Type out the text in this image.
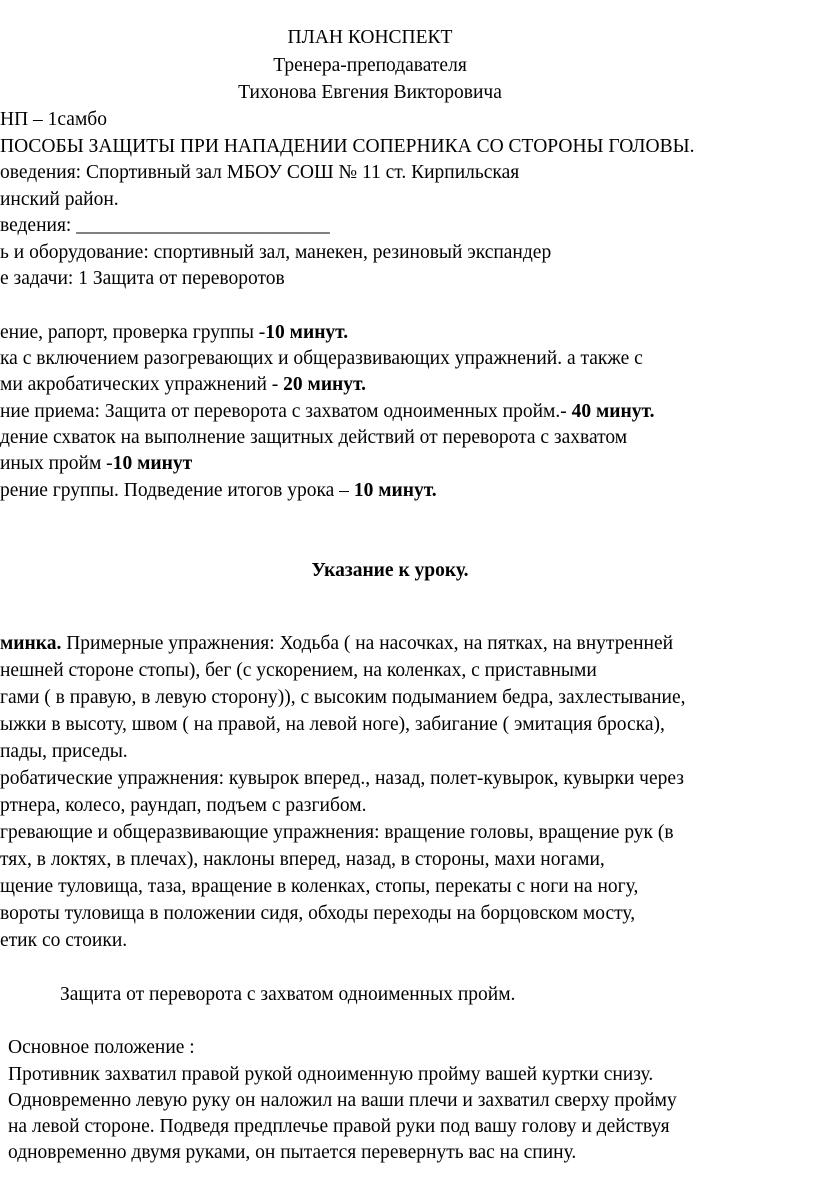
ПЛАН КОНСПЕКТ
Тренера-преподавателя
Тихонова Евгения Викторовича
НП – 1самбо
ПОСОБЫ ЗАЩИТЫ ПРИ НАПАДЕНИИ СОПЕРНИКА СО СТОРОНЫ ГОЛОВЫ.
оведения: Спортивный зал МБОУ СОШ № 11 ст. Кирпильская
инский район.
ведения: __________________________
ь и оборудование: спортивный зал, манекен, резиновый экспандер
е задачи: 1 Защита от переворотов
ение, рапорт, проверка группы -10 минут.
ка с включением разогревающих и общеразвивающих упражнений. а также с
ми акробатических упражнений - 20 минут.
ние приема: Защита от переворота с захватом одноименных пройм.- 40 минут.
дение схваток на выполнение защитных действий от переворота с захватом
иных пройм -10 минут
рение группы. Подведение итогов урока – 10 минут.
Указание к уроку.
минка. Примерные упражнения: Ходьба ( на насочках, на пятках, на внутренней
нешней стороне стопы), бег (с ускорением, на коленках, с приставными
гами ( в правую, в левую сторону)), с высоким подыманием бедра, захлестывание,
ыжки в высоту, швом ( на правой, на левой ноге), забигание ( эмитация броска),
пады, приседы.
робатические упражнения: кувырок вперед., назад, полет-кувырок, кувырки через
ртнера, колесо, раундап, подъем с разгибом.
гревающие и общеразвивающие упражнения: вращение головы, вращение рук (в
тях, в локтях, в плечах), наклоны вперед, назад, в стороны, махи ногами,
щение туловища, таза, вращение в коленках, стопы, перекаты с ноги на ногу,
вороты туловища в положении сидя, обходы переходы на борцовском мосту,
етик со стоики.
Защита от переворота с захватом одноименных пройм.
Основное положение :
Противник захватил правой рукой одноименную пройму вашей куртки снизу.
Одновременно левую руку он наложил на ваши плечи и захватил сверху пройму
на левой стороне. Подведя предплечье правой руки под вашу голову и действуя
одновременно двумя руками, он пытается перевернуть вас на спину.
